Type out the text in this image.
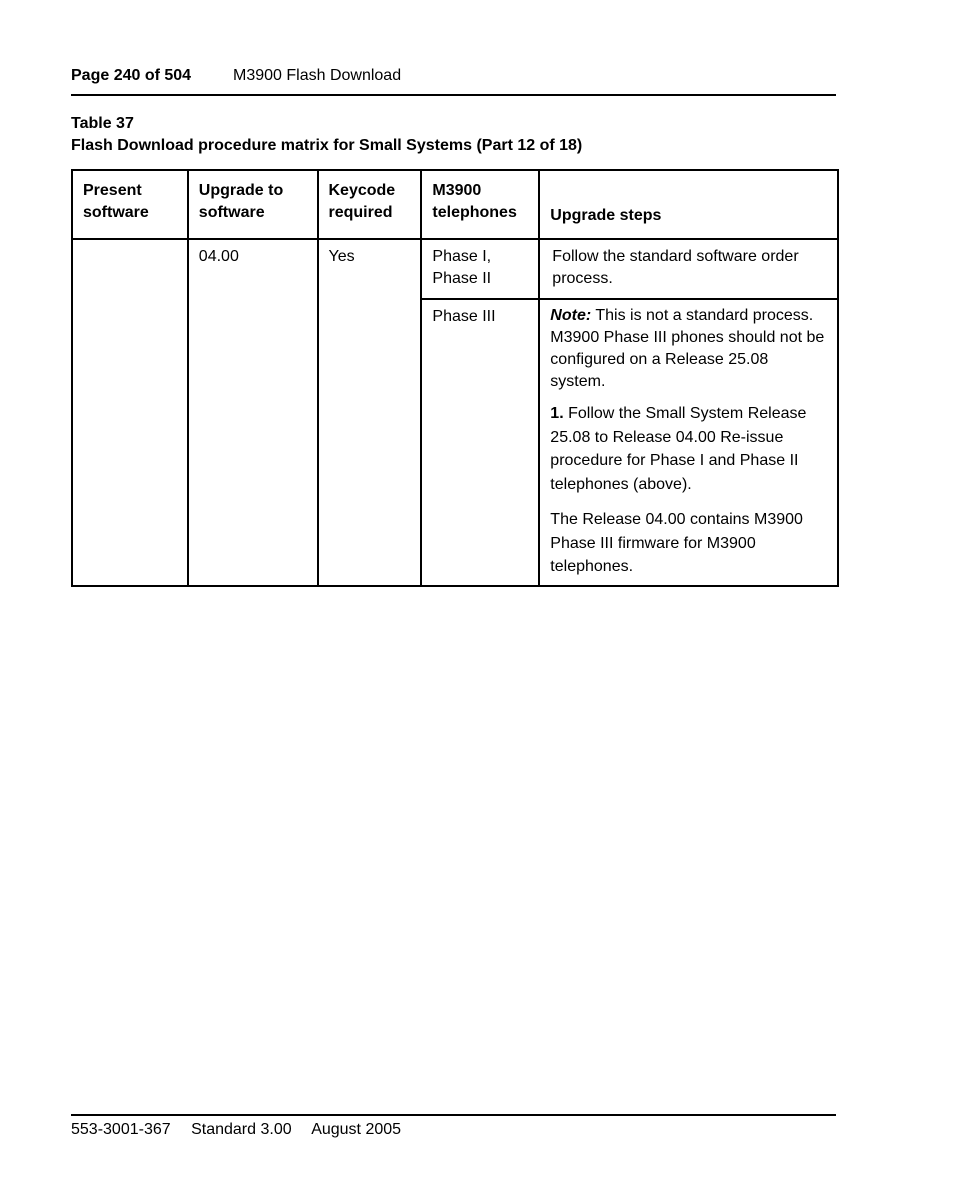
Page 240 of 504	M3900 Flash Download
Table 37
Flash Download procedure matrix for Small Systems (Part 12 of 18)
Present software	Upgrade to software	Keycode required	M3900 telephones	Upgrade steps
	04.00	Yes	Phase I, Phase II	Follow the standard software order process.
			Phase III	Note: This is not a standard process. M3900 Phase III phones should not be configured on a Release 25.08 system.

1. Follow the Small System Release 25.08 to Release 04.00 Re-issue procedure for Phase I and Phase II telephones (above).

The Release 04.00 contains M3900 Phase III firmware for M3900 telephones.

553-3001-367 Standard 3.00 August 2005
